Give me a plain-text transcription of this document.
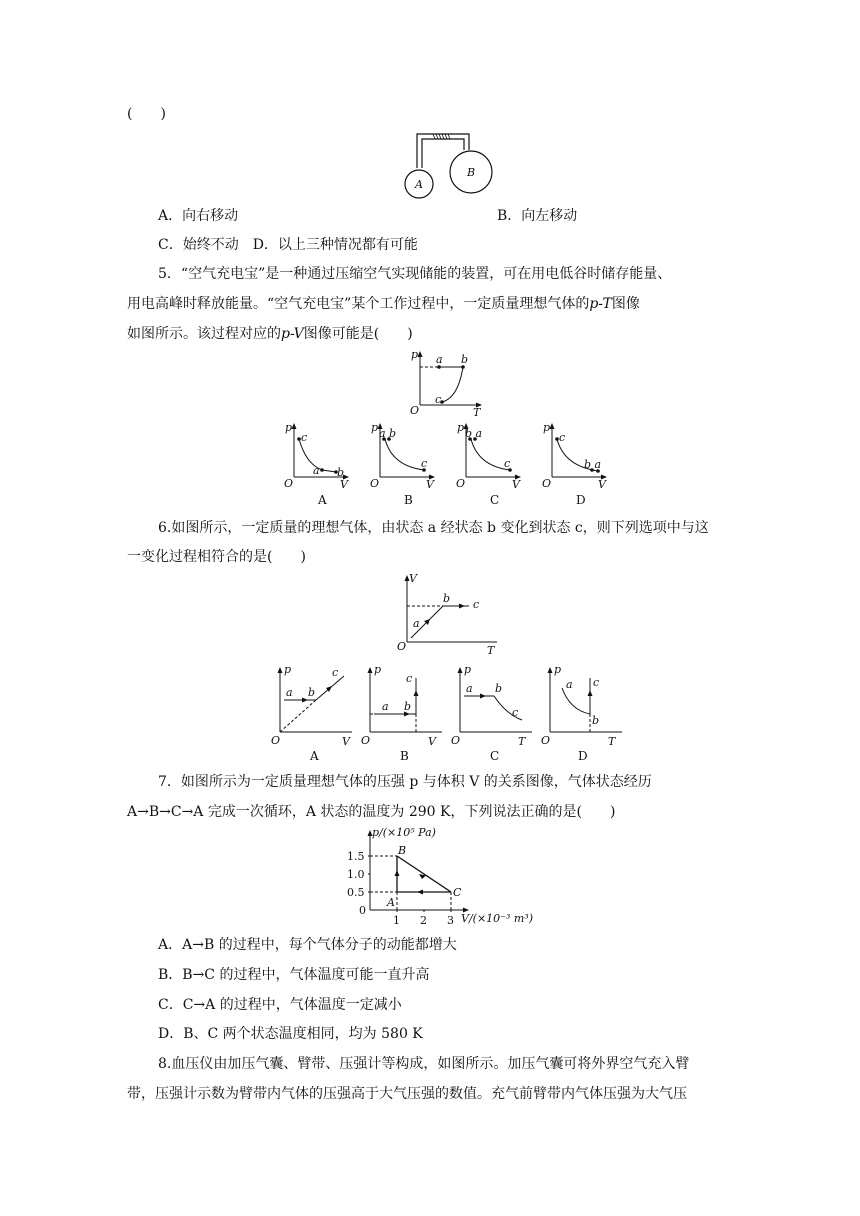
(　　)
A
B
A．向右移动	B．向左移动
C．始终不动　D．以上三种情况都有可能
5．“空气充电宝”是一种通过压缩空气实现储能的装置，可在用电低谷时储存能量、
用电高峰时释放能量。“空气充电宝”某个工作过程中，一定质量理想气体的p-T图像
如图所示。该过程对应的p-V图像可能是(　　)
p
T
O
a b
c
p
V
O
c
a b
A
p
V
O
a b
c
B
p
V
O
b a
c
C
p
V
O
c
b a
D
6.如图所示，一定质量的理想气体，由状态 a 经状态 b 变化到状态 c，则下列选项中与这
一变化过程相符合的是(　　)
V
T
O
a
b c
p
V
O
a b
c
A
p
V
O
a b
c
B
p
T
O
a b
c
C
p
T
O
a
b
c
D
7．如图所示为一定质量理想气体的压强 p 与体积 V 的关系图像，气体状态经历
A→B→C→A 完成一次循环，A 状态的温度为 290 K，下列说法正确的是(　　)
p/(×10⁵ Pa)
V/(×10⁻³ m³)
1.5
1.0
0.5
0
1 2 3
A
B
C
A．A→B 的过程中，每个气体分子的动能都增大
B．B→C 的过程中，气体温度可能一直升高
C．C→A 的过程中，气体温度一定减小
D．B、C 两个状态温度相同，均为 580 K
8.血压仪由加压气囊、臂带、压强计等构成，如图所示。加压气囊可将外界空气充入臂
带，压强计示数为臂带内气体的压强高于大气压强的数值。充气前臂带内气体压强为大气压
